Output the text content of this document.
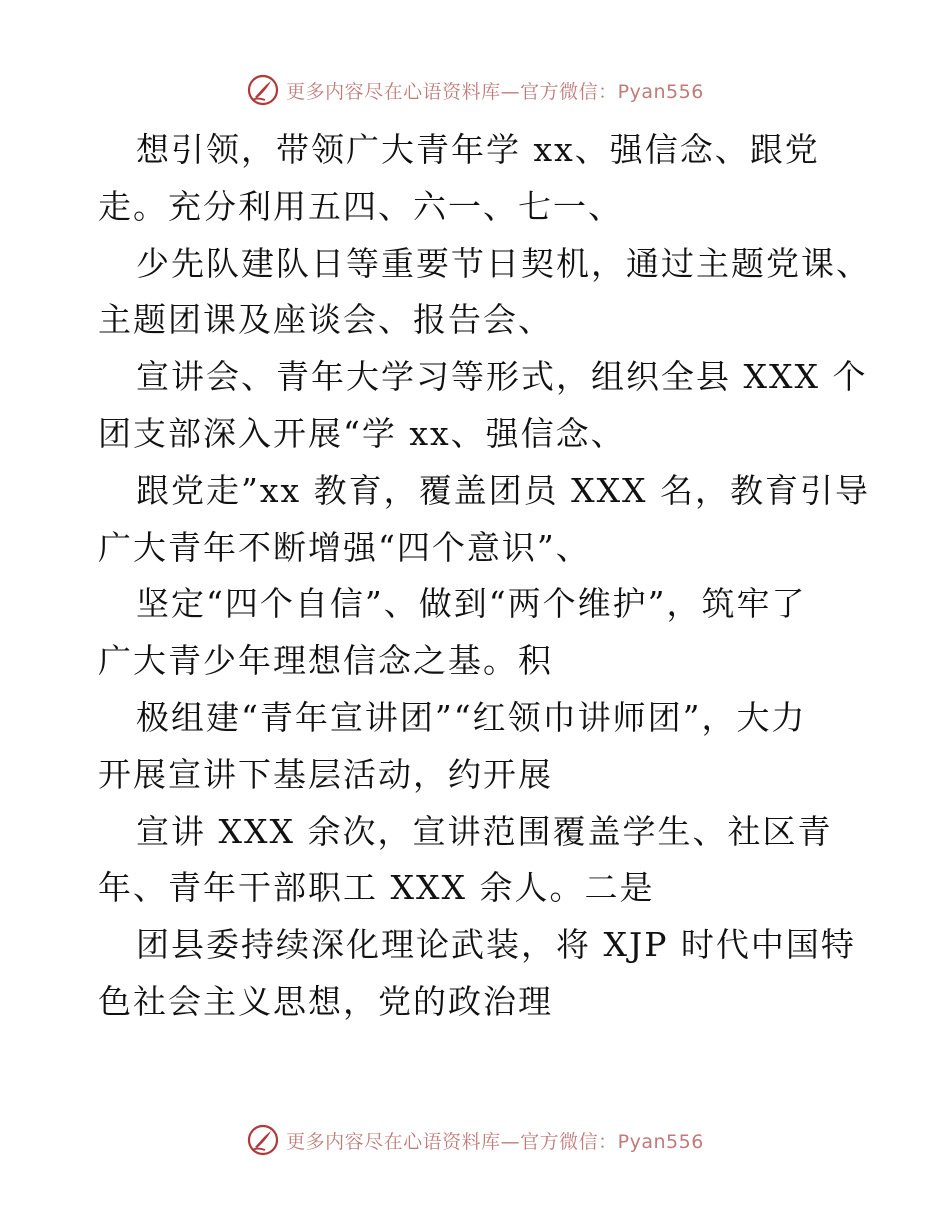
更多内容尽在心语资料库—官方微信：Pyan556
想引领，带领广大青年学 xx、强信念、跟党
走。充分利用五四、六一、七一、
少先队建队日等重要节日契机，通过主题党课、
主题团课及座谈会、报告会、
宣讲会、青年大学习等形式，组织全县 XXX 个
团支部深入开展“学 xx、强信念、
跟党走”xx 教育，覆盖团员 XXX 名，教育引导
广大青年不断增强“四个意识”、
坚定“四个自信”、做到“两个维护”，筑牢了
广大青少年理想信念之基。积
极组建“青年宣讲团”“红领巾讲师团”，大力
开展宣讲下基层活动，约开展
宣讲 XXX 余次，宣讲范围覆盖学生、社区青
年、青年干部职工 XXX 余人。二是
团县委持续深化理论武装，将 XJP 时代中国特
色社会主义思想，党的政治理
更多内容尽在心语资料库—官方微信：Pyan556
